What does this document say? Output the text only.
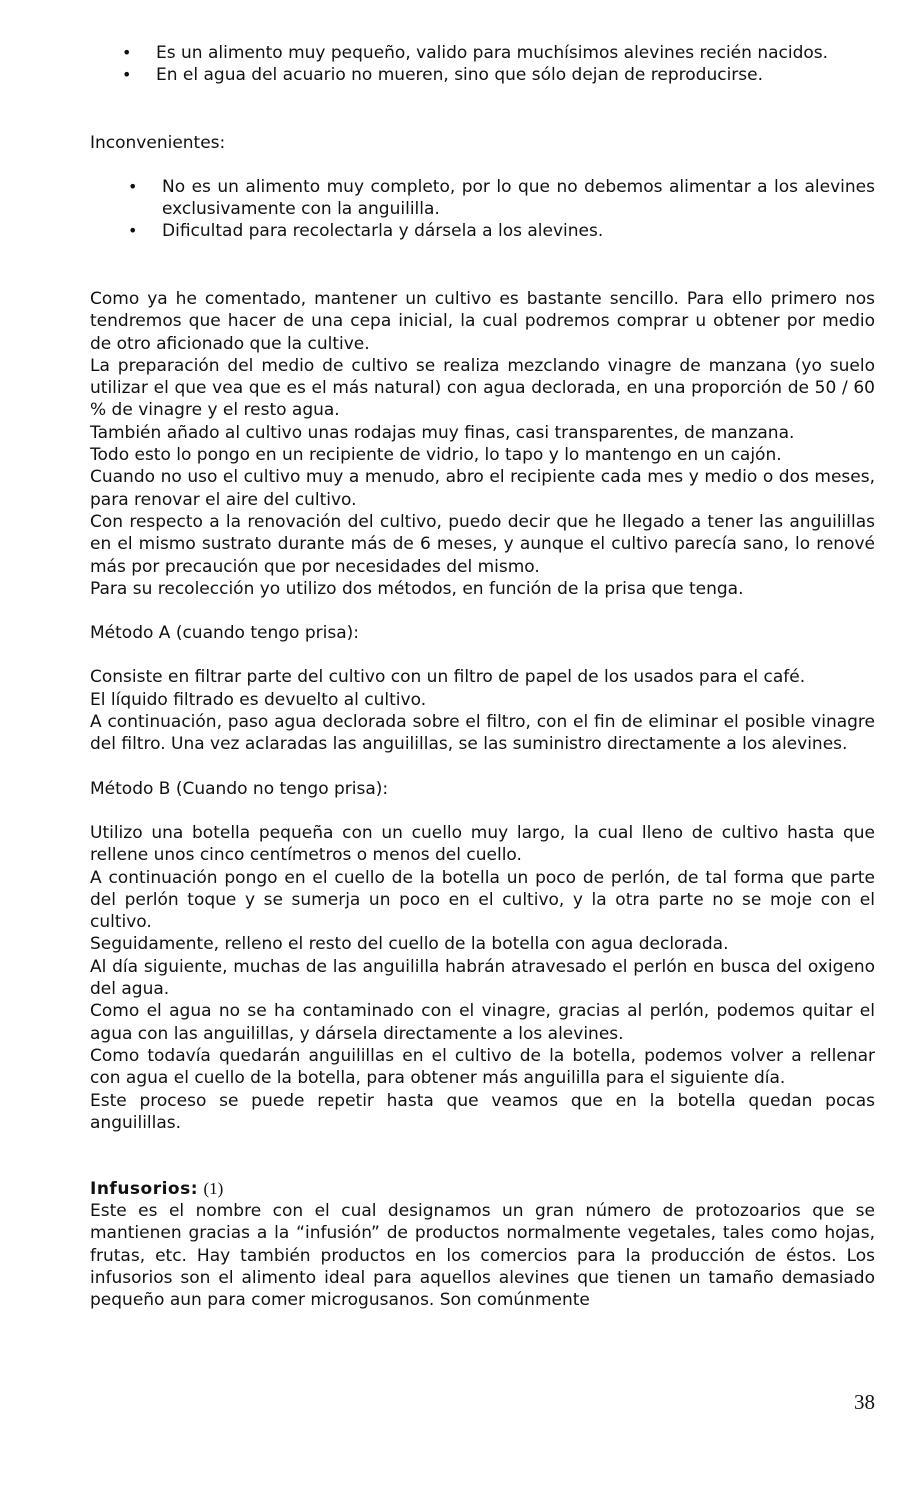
• Es un alimento muy pequeño, valido para muchísimos alevines recién nacidos.
• En el agua del acuario no mueren, sino que sólo dejan de reproducirse.
Inconvenientes:
• No es un alimento muy completo, por lo que no debemos alimentar a los alevines exclusivamente con la anguililla.
• Dificultad para recolectarla y dársela a los alevines.

Como ya he comentado, mantener un cultivo es bastante sencillo. Para ello primero nos tendremos que hacer de una cepa inicial, la cual podremos comprar u obtener por medio de otro aficionado que la cultive.

La preparación del medio de cultivo se realiza mezclando vinagre de manzana (yo suelo utilizar el que vea que es el más natural) con agua declorada, en una proporción de 50 / 60 % de vinagre y el resto agua.

También añado al cultivo unas rodajas muy finas, casi transparentes, de manzana.

Todo esto lo pongo en un recipiente de vidrio, lo tapo y lo mantengo en un cajón.

Cuando no uso el cultivo muy a menudo, abro el recipiente cada mes y medio o dos meses, para renovar el aire del cultivo.

Con respecto a la renovación del cultivo, puedo decir que he llegado a tener las anguilillas en el mismo sustrato durante más de 6 meses, y aunque el cultivo parecía sano, lo renové más por precaución que por necesidades del mismo.

Para su recolección yo utilizo dos métodos, en función de la prisa que tenga.

Método A (cuando tengo prisa):

Consiste en filtrar parte del cultivo con un filtro de papel de los usados para el café.

El líquido filtrado es devuelto al cultivo.

A continuación, paso agua declorada sobre el filtro, con el fin de eliminar el posible vinagre del filtro. Una vez aclaradas las anguilillas, se las suministro directamente a los alevines.

Método B (Cuando no tengo prisa):

Utilizo una botella pequeña con un cuello muy largo, la cual lleno de cultivo hasta que rellene unos cinco centímetros o menos del cuello.

A continuación pongo en el cuello de la botella un poco de perlón, de tal forma que parte del perlón toque y se sumerja un poco en el cultivo, y la otra parte no se moje con el cultivo.

Seguidamente, relleno el resto del cuello de la botella con agua declorada.

Al día siguiente, muchas de las anguililla habrán atravesado el perlón en busca del oxigeno del agua.

Como el agua no se ha contaminado con el vinagre, gracias al perlón, podemos quitar el agua con las anguilillas, y dársela directamente a los alevines.

Como todavía quedarán anguilillas en el cultivo de la botella, podemos volver a rellenar con agua el cuello de la botella, para obtener más anguililla para el siguiente día.

Este proceso se puede repetir hasta que veamos que en la botella quedan pocas anguilillas.

Infusorios: (1)

Este es el nombre con el cual designamos un gran número de protozoarios que se mantienen gracias a la “infusión” de productos normalmente vegetales, tales como hojas, frutas, etc. Hay también productos en los comercios para la producción de éstos. Los infusorios son el alimento ideal para aquellos alevines que tienen un tamaño demasiado pequeño aun para comer microgusanos. Son comúnmente

38
